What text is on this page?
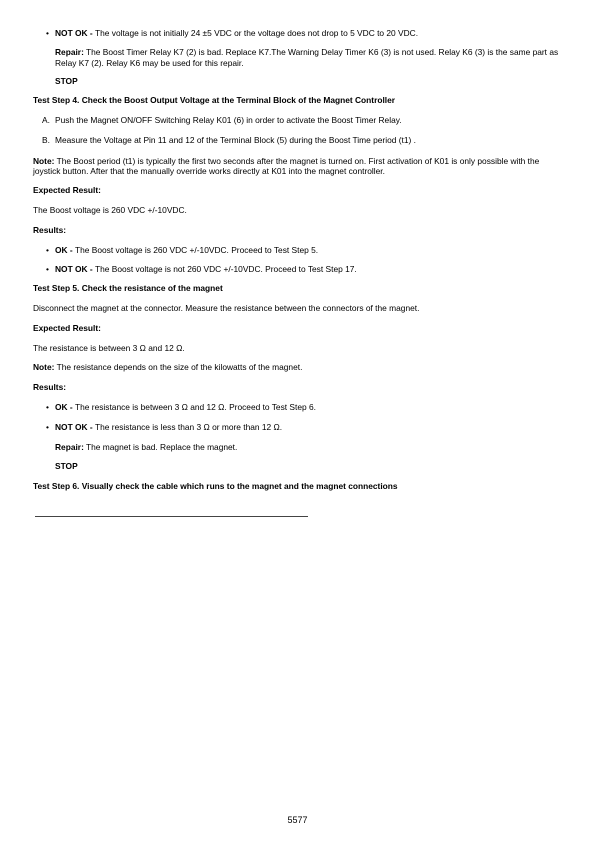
• NOT OK - The voltage is not initially 24 ±5 VDC or the voltage does not drop to 5 VDC to 20 VDC.

Repair: The Boost Timer Relay K7 (2) is bad. Replace K7.The Warning Delay Timer K6 (3) is not used. Relay K6 (3) is the same part as Relay K7 (2). Relay K6 may be used for this repair.

STOP

Test Step 4. Check the Boost Output Voltage at the Terminal Block of the Magnet Controller

A. Push the Magnet ON/OFF Switching Relay K01 (6) in order to activate the Boost Timer Relay.

B. Measure the Voltage at Pin 11 and 12 of the Terminal Block (5) during the Boost Time period (t1) .

Note: The Boost period (t1) is typically the first two seconds after the magnet is turned on. First activation of K01 is only possible with the joystick button. After that the manually override works directly at K01 into the magnet controller.

Expected Result:

The Boost voltage is 260 VDC +/-10VDC.

Results:

• OK - The Boost voltage is 260 VDC +/-10VDC. Proceed to Test Step 5.

• NOT OK - The Boost voltage is not 260 VDC +/-10VDC. Proceed to Test Step 17.

Test Step 5. Check the resistance of the magnet

Disconnect the magnet at the connector. Measure the resistance between the connectors of the magnet.

Expected Result:

The resistance is between 3 Ω and 12 Ω.

Note: The resistance depends on the size of the kilowatts of the magnet.

Results:

• OK - The resistance is between 3 Ω and 12 Ω. Proceed to Test Step 6.

• NOT OK - The resistance is less than 3 Ω or more than 12 Ω.

Repair: The magnet is bad. Replace the magnet.

STOP

Test Step 6. Visually check the cable which runs to the magnet and the magnet connections

5577
